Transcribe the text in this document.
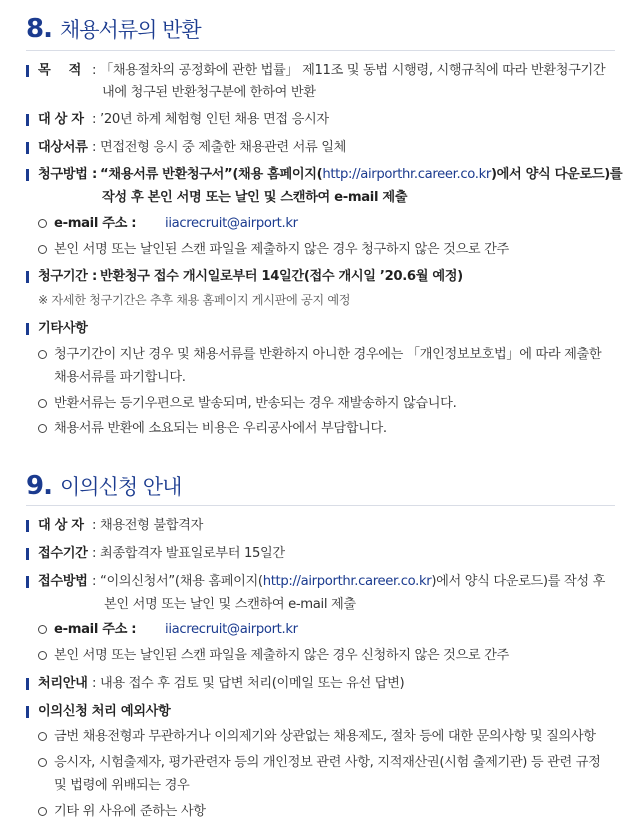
8. 채용서류의 반환
목 적 : 「채용절차의 공정화에 관한 법률」 제11조 및 동법 시행령, 시행규칙에 따라 반환청구기간
내에 청구된 반환청구분에 한하여 반환
대 상 자 : ’20년 하계 체험형 인턴 채용 면접 응시자
대상서류 : 면접전형 응시 중 제출한 채용관련 서류 일체
청구방법 : “채용서류 반환청구서”(채용 홈페이지(http://airporthr.career.co.kr)에서 양식 다운로드)를
작성 후 본인 서명 또는 날인 및 스캔하여 e-mail 제출
e-mail 주소 : iiacrecruit@airport.kr
본인 서명 또는 날인된 스캔 파일을 제출하지 않은 경우 청구하지 않은 것으로 간주
청구기간 : 반환청구 접수 개시일로부터 14일간(접수 개시일 ’20.6월 예정)
※ 자세한 청구기간은 추후 채용 홈페이지 게시판에 공지 예정
기타사항
청구기간이 지난 경우 및 채용서류를 반환하지 아니한 경우에는 「개인정보보호법」에 따라 제출한
채용서류를 파기합니다.
반환서류는 등기우편으로 발송되며, 반송되는 경우 재발송하지 않습니다.
채용서류 반환에 소요되는 비용은 우리공사에서 부담합니다.
9. 이의신청 안내
대 상 자 : 채용전형 불합격자
접수기간 : 최종합격자 발표일로부터 15일간
접수방법 : “이의신청서”(채용 홈페이지(http://airporthr.career.co.kr)에서 양식 다운로드)를 작성 후
본인 서명 또는 날인 및 스캔하여 e-mail 제출
e-mail 주소 : iiacrecruit@airport.kr
본인 서명 또는 날인된 스캔 파일을 제출하지 않은 경우 신청하지 않은 것으로 간주
처리안내 : 내용 접수 후 검토 및 답변 처리(이메일 또는 유선 답변)
이의신청 처리 예외사항
금번 채용전형과 무관하거나 이의제기와 상관없는 채용제도, 절차 등에 대한 문의사항 및 질의사항
응시자, 시험출제자, 평가관련자 등의 개인정보 관련 사항, 지적재산권(시험 출제기관) 등 관련 규정
및 법령에 위배되는 경우
기타 위 사유에 준하는 사항
